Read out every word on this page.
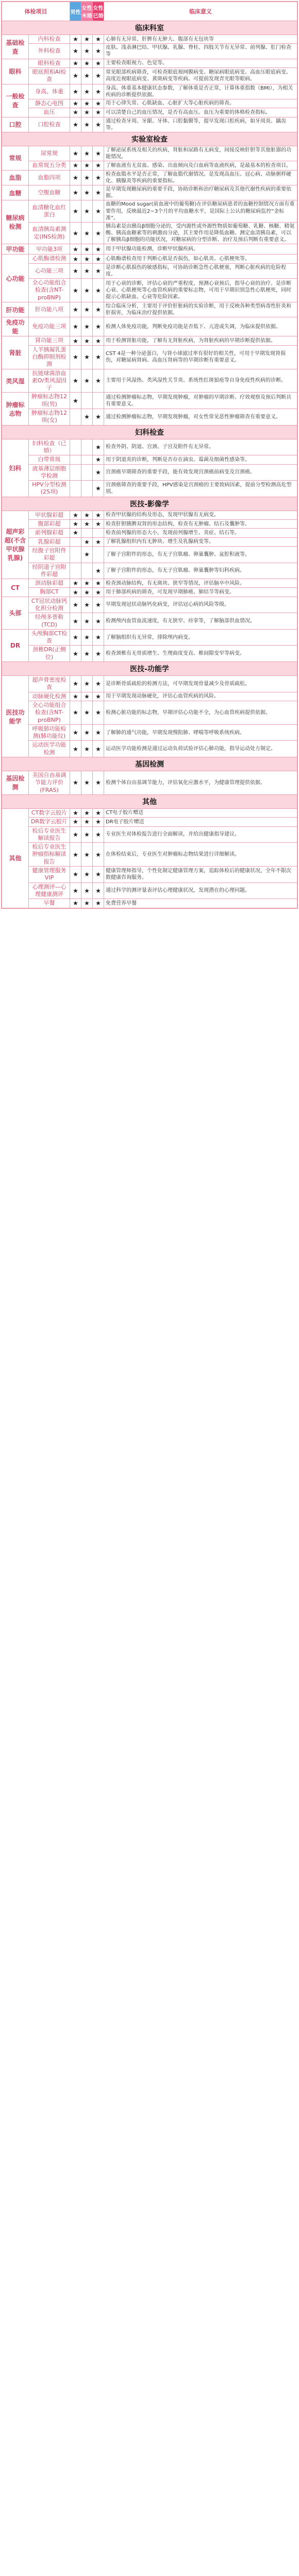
体检项目		男性	女性未婚	女性已婚	临床意义
临床科室					
基础检查	内科检查	★	★	★	心肺有无异常、肝脾有无肿大、腹部有无包块等
	外科检查	★	★	★	皮肤、浅表淋巴结、甲状腺、乳腺、脊柱、四肢关节有无异常、前列腺、肛门检查等
眼科	眼科检查	★	★	★	主要检查眼视力、色觉等。
	眼底照相AI检查	★	★	★	常见眼部疾病筛查，可检查眼底视网膜病变、糖尿病眼底病变、高血压眼底病变、高度近视眼底病变、黄斑病变等疾病。可提前发现青光眼等眼病。
一般检查	身高、体重	★	★	★	身高、体重基本健康状态参数，了解体重是否正常，计算体重指数（BMI），为相关疾病的诊断提供依据。
	静态心电图	★	★	★	用于心律失常、心肌缺血、心脏扩大等心脏疾病的筛查。
	血压	★	★	★	可以清楚自己的血压情况，是否有高血压。血压为重要的体格检查指标。
口腔	口腔检查	★	★	★	通过检查牙周、牙龈、牙体、口腔黏膜等，提早发现口腔疾病，如牙周炎、龋齿等。
实验室检查					
常规	尿常规	★	★	★	了解泌尿系统及相关的疾病，肾脏和尿路有无病变，间接反映肝胆等其他脏器的功能情况。
	血常规五分类	★	★	★	了解血液有无贫血、感染、出血倾向及白血病等血液疾病，是最基本的检查项目。
血脂	血脂四项	★	★	★	检查血脂水平是否正常，了解血脂代谢情况。是发现高血压、冠心病、动脉粥样硬化、胰腺炎等疾病的重要指标。
血糖	空腹血糖	★	★	★	是早期发现糖尿病的重要手段，协助诊断和治疗糖尿病及其他代谢性疾病的重要依据。
糖尿病检测	血清糖化血红蛋白	★	★	★	血糖的Mood sugar(前血液中的葡萄糖)在评估糖尿病患者的血糖控制情况方面有重要作用，反映最近2~3个月的平均血糖水平，是国际上公认的糖尿病监控“金标准”。
	血清胰岛素测定(INS检测)	★	★	★	胰岛素是由胰岛β细胞分泌的，受内源性或外源性物质如葡萄糖、乳糖、核糖、精氨酸、胰高血糖素等的刺激而分泌，其主要作用是降低血糖。测定血清胰岛素，可以了解胰岛β细胞的功能状况，对糖尿病的分型诊断、治疗及预后判断有重要意义。
甲功能	甲功能3项	★	★	★	用于甲状腺功能检测，诊断甲状腺疾病。
心功能	心肌酶谱检测	★	★	★	心肌酶谱检查用于判断心肌是否损伤，如心肌炎、心肌梗死等。
	心功能三项	★	★	★	是诊断心肌损伤的敏感指标，可协助诊断急性心肌梗塞，判断心脏疾病的危险程度。
	全心功能组合检查(含NT-proBNP)	★	★	★	用于心衰的诊断，评估心衰的严重程度，预测心衰预后，指导心衰的治疗。是诊断心衰、心肌梗死等心血管疾病的重要标志物，可用于早期识别急性心肌梗死，同时提示心肌缺血、心衰等危险因素。
肝功能	肝功能八项	★	★	★	综合临床分析，主要用于评价肝脏病的实验诊断，用于反映各种类型病毒性肝炎和肝损害，为临床治疗提供依据。
免疫功能	免疫功能三项	★	★	★	检测人体免疫功能，判断免疫功能是否低下、亢进或失调，为临床提供依据。
肾脏	肾功能三项	★	★	★	用于检测肾脏功能，了解有无肾脏疾病，为肾脏疾病的早期诊断提供依据。
	人羊胰凝乳蛋白酶抑制剂检测	★	★	★	CST 4是一种分泌蛋白，与肾小球滤过率有很好的相关性，可用于早期发现肾损伤，对糖尿病肾病、高血压肾病等的早期诊断有重要意义。
类风湿	抗链球菌溶血素O/类风湿因子	★	★	★	主要用于风湿热、类风湿性关节炎、系统性红斑狼疮等自身免疫性疾病的诊断。
肿瘤标志物	肿瘤标志物12项(男)	★			通过检测肿瘤标志物，早期发现肿瘤，对肿瘤的早期诊断、疗效观察及预后判断具有重要意义。
	肿瘤标志物12项(女)		★	★	通过检测肿瘤标志物，早期发现肿瘤，对女性常见恶性肿瘤筛查有重要意义。
妇科检查					
妇科	妇科检查（已婚）			★	检查外阴、阴道、宫颈、子宫及附件有无异常。
	白带常规			★	用于阴道炎的诊断，判断是否存在滴虫、霉菌及细菌性感染等。
	液基薄层细胞学检测			★	宫颈癌早期筛查的重要手段，能有效发现宫颈癌前病变及宫颈癌。
	HPV分型检测(25项)			★	宫颈癌筛查的重要手段，HPV感染是宫颈癌的主要致病因素，提前分型检测高危型别。
医技-影像学					
超声彩超(不含甲状腺乳腺)	甲状腺彩超	★	★	★	检查甲状腺的结构及形态，发现甲状腺有无病变。
	腹部彩超	★	★	★	检查肝胆胰脾双肾的形态结构，检查有无肿瘤、结石及囊肿等。
	前列腺彩超	★			检查前列腺的形态大小，发现前列腺增生、炎症、结石等。
	乳腺彩超		★	★	了解乳腺组织内有无肿块、增生及乳腺病变等。
	经腹子宫附件彩超		★		了解子宫附件的形态，有无子宫肌瘤、卵巢囊肿、盆腔积液等。
	经阴道子宫附件彩超			★	了解子宫附件的形态，有无子宫肌瘤、卵巢囊肿等妇科疾病。
CT	颈动脉彩超	★	★	★	检查颈动脉结构，有无斑块、狭窄等情况，评估脑卒中风险。
	胸部CT	★	★	★	用于肺部疾病的筛查，可发现早期肺癌、肺结节等病变。
头部	CT冠状动脉钙化积分检测	★	★	★	早期发现冠状动脉钙化病变，评估冠心病的风险等级。
	经颅多普勒(TCD)	★	★	★	检测颅内血管血流速度，有无狭窄、痉挛等，了解脑部供血情况。
DR	头颅胸部CT检查	★	★	★	了解脑组织有无异常，排除颅内病变。
	颈椎DR(正侧位)	★	★	★	检查颈椎有无骨质增生、生理曲度变直、椎间隙变窄等病变。
医技-功能学					
医技功能学	超声骨密度检查	★	★	★	是诊断骨质疏松的检测方法，可早期发现骨量减少及骨质疏松。
	动脉硬化检测	★	★	★	用于早期发现动脉硬化，评估心血管疾病的风险。
	全心功能组合检查(含NT-proBNP)	★	★	★	检测心脏功能的标志物，早期评估心功能不全，为心血管疾病提供依据。
	呼吸肺功能检测(肺功能仪)	★	★	★	了解肺的通气功能，早期发现慢阻肺、哮喘等呼吸系统疾病。
	运动医学功能检测	★	★	★	运动医学功能检测是通过运动负荷试验评估心肺功能，指导运动处方制定。
基因检测					
基因检测	美国自由基调节能力评价(FRAS)	★	★	★	检测个体自由基调节能力，评估氧化应激水平，为健康管理提供依据。
其他					
其他	CT数字云胶片	★	★	★	CT电子胶片赠送
	DR数字云胶片	★	★	★	DR电子胶片赠送
	检后专业医生解读报告	★	★	★	专业医生对体检报告进行全面解读，并给出健康指导建议。
	检后专业医生肿瘤指标解读报告	★	★	★	在体检结束后，专业医生对肿瘤标志物结果进行详细解读。
	健康管理服务VIP	★	★	★	健康管理师指导，个性化制定健康管理方案，追踪体检后的健康状况，全年不限次数健康咨询服务。
	心理测评—心理健康测评	★	★	★	通过科学的测评量表评估心理健康状况，发现潜在的心理问题。
	早餐	★	★	★	免费营养早餐
